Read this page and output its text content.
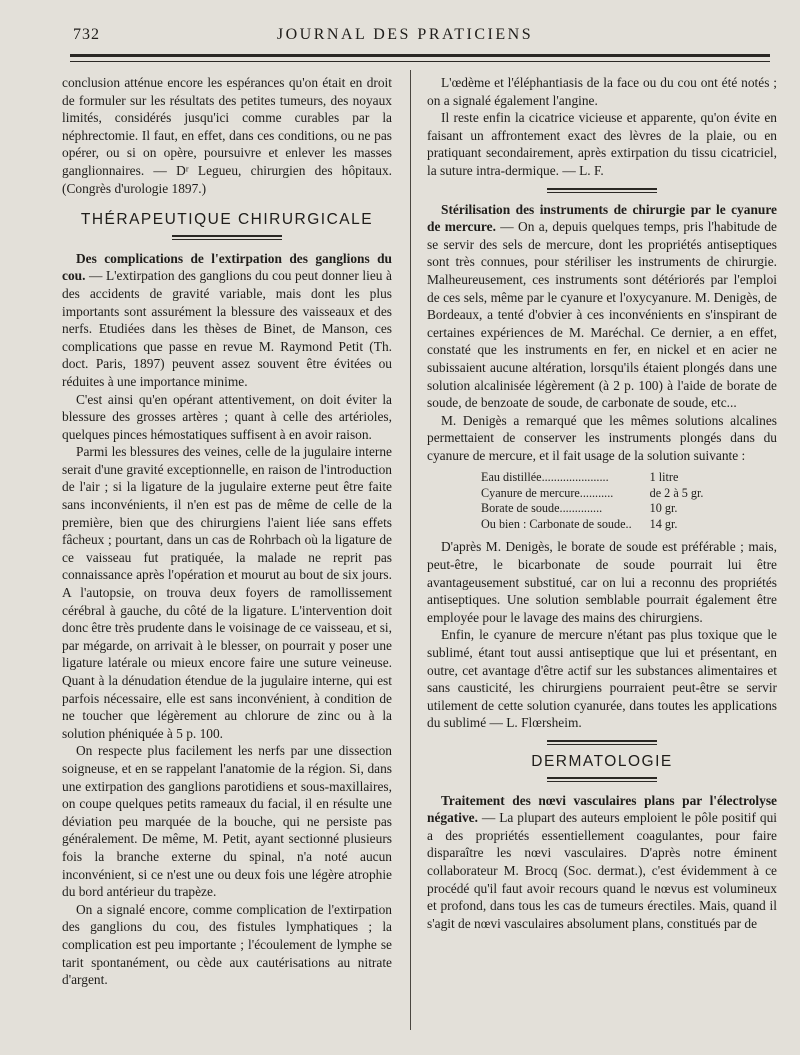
732	JOURNAL DES PRATICIENS

conclusion atténue encore les espérances qu'on était en droit de formuler sur les résultats des petites tumeurs, des noyaux limités, considérés jusqu'ici comme curables par la néphrectomie. Il faut, en effet, dans ces conditions, ou ne pas opérer, ou si on opère, poursuivre et enlever les masses ganglionnaires. — Dʳ Legueu, chirurgien des hôpitaux. (Congrès d'urologie 1897.)

THÉRAPEUTIQUE CHIRURGICALE

Des complications de l'extirpation des ganglions du cou. — L'extirpation des ganglions du cou peut donner lieu à des accidents de gravité variable, mais dont les plus importants sont assurément la blessure des vaisseaux et des nerfs. Etudiées dans les thèses de Binet, de Manson, ces complications que passe en revue M. Raymond Petit (Th. doct. Paris, 1897) peuvent assez souvent être évitées ou réduites à une importance minime.

C'est ainsi qu'en opérant attentivement, on doit éviter la blessure des grosses artères ; quant à celle des artérioles, quelques pinces hémostatiques suffisent à en avoir raison.

Parmi les blessures des veines, celle de la jugulaire interne serait d'une gravité exceptionnelle, en raison de l'introduction de l'air ; si la ligature de la jugulaire externe peut être faite sans inconvénients, il n'en est pas de même de celle de la première, bien que des chirurgiens l'aient liée sans effets fâcheux ; pourtant, dans un cas de Rohrbach où la ligature de ce vaisseau fut pratiquée, la malade ne reprit pas connaissance après l'opération et mourut au bout de six jours. A l'autopsie, on trouva deux foyers de ramollissement cérébral à gauche, du côté de la ligature. L'intervention doit donc être très prudente dans le voisinage de ce vaisseau, et si, par mégarde, on arrivait à le blesser, on pourrait y poser une ligature latérale ou mieux encore faire une suture veineuse. Quant à la dénudation étendue de la jugulaire interne, qui est parfois nécessaire, elle est sans inconvénient, à condition de ne toucher que légèrement au chlorure de zinc ou à la solution phéniquée à 5 p. 100.

On respecte plus facilement les nerfs par une dissection soigneuse, et en se rappelant l'anatomie de la région. Si, dans une extirpation des ganglions parotidiens et sous-maxillaires, on coupe quelques petits rameaux du facial, il en résulte une déviation peu marquée de la bouche, qui ne persiste pas généralement. De même, M. Petit, ayant sectionné plusieurs fois la branche externe du spinal, n'a noté aucun inconvénient, si ce n'est une ou deux fois une légère atrophie du bord antérieur du trapèze.

On a signalé encore, comme complication de l'extirpation des ganglions du cou, des fistules lymphatiques ; la complication est peu importante ; l'écoulement de lymphe se tarit spontanément, ou cède aux cautérisations au nitrate d'argent.

L'œdème et l'éléphantiasis de la face ou du cou ont été notés ; on a signalé également l'angine.

Il reste enfin la cicatrice vicieuse et apparente, qu'on évite en faisant un affrontement exact des lèvres de la plaie, ou en pratiquant secondairement, après extirpation du tissu cicatriciel, la suture intra-dermique. — L. F.

Stérilisation des instruments de chirurgie par le cyanure de mercure. — On a, depuis quelques temps, pris l'habitude de se servir des sels de mercure, dont les propriétés antiseptiques sont très connues, pour stériliser les instruments de chirurgie. Malheureusement, ces instruments sont détériorés par l'emploi de ces sels, même par le cyanure et l'oxycyanure. M. Denigès, de Bordeaux, a tenté d'obvier à ces inconvénients en s'inspirant de certaines expériences de M. Maréchal. Ce dernier, a en effet, constaté que les instruments en fer, en nickel et en acier ne subissaient aucune altération, lorsqu'ils étaient plongés dans une solution alcalinisée légèrement (à 2 p. 100) à l'aide de borate de soude, de benzoate de soude, de carbonate de soude, etc...

M. Denigès a remarqué que les mêmes solutions alcalines permettaient de conserver les instruments plongés dans du cyanure de mercure, et il fait usage de la solution suivante :

Eau distillée......................	1 litre
Cyanure de mercure...........	de 2 à 5 gr.
Borate de soude..............	10 gr.
Ou bien : Carbonate de soude..	14 gr.

D'après M. Denigès, le borate de soude est préférable ; mais, peut-être, le bicarbonate de soude pourrait lui être avantageusement substitué, car on lui a reconnu des propriétés antiseptiques. Une solution semblable pourrait également être employée pour le lavage des mains des chirurgiens.

Enfin, le cyanure de mercure n'étant pas plus toxique que le sublimé, étant tout aussi antiseptique que lui et présentant, en outre, cet avantage d'être actif sur les substances alimentaires et sans causticité, les chirurgiens pourraient peut-être se servir utilement de cette solution cyanurée, dans toutes les applications du sublimé — L. Flœrsheim.

DERMATOLOGIE

Traitement des nœvi vasculaires plans par l'électrolyse négative. — La plupart des auteurs emploient le pôle positif qui a des propriétés essentiellement coagulantes, pour faire disparaître les nœvi vasculaires. D'après notre éminent collaborateur M. Brocq (Soc. dermat.), c'est évidemment à ce procédé qu'il faut avoir recours quand le nœvus est volumineux et profond, dans tous les cas de tumeurs érectiles. Mais, quand il s'agit de nœvi vasculaires absolument plans, constitués par de
